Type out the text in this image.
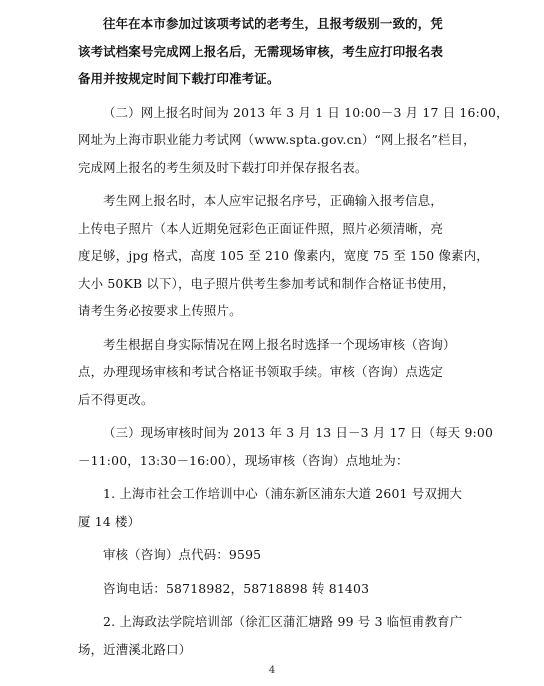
往年在本市参加过该项考试的老考生，且报考级别一致的，凭
该考试档案号完成网上报名后，无需现场审核，考生应打印报名表
备用并按规定时间下载打印准考证。
（二）网上报名时间为 2013 年 3 月 1 日 10:00－3 月 17 日 16:00，
网址为上海市职业能力考试网（www.spta.gov.cn）“网上报名”栏目，
完成网上报名的考生须及时下载打印并保存报名表。
考生网上报名时，本人应牢记报名序号，正确输入报考信息，
上传电子照片（本人近期免冠彩色正面证件照，照片必须清晰，亮
度足够，jpg 格式，高度 105 至 210 像素内，宽度 75 至 150 像素内，
大小 50KB 以下），电子照片供考生参加考试和制作合格证书使用，
请考生务必按要求上传照片。
考生根据自身实际情况在网上报名时选择一个现场审核（咨询）
点，办理现场审核和考试合格证书领取手续。审核（咨询）点选定
后不得更改。
（三）现场审核时间为 2013 年 3 月 13 日－3 月 17 日（每天 9:00
－11:00，13:30－16:00），现场审核（咨询）点地址为：
1. 上海市社会工作培训中心（浦东新区浦东大道 2601 号双拥大
厦 14 楼）
审核（咨询）点代码：9595
咨询电话：58718982，58718898 转 81403
2. 上海政法学院培训部（徐汇区蒲汇塘路 99 号 3 临恒甫教育广
场，近漕溪北路口）
4
